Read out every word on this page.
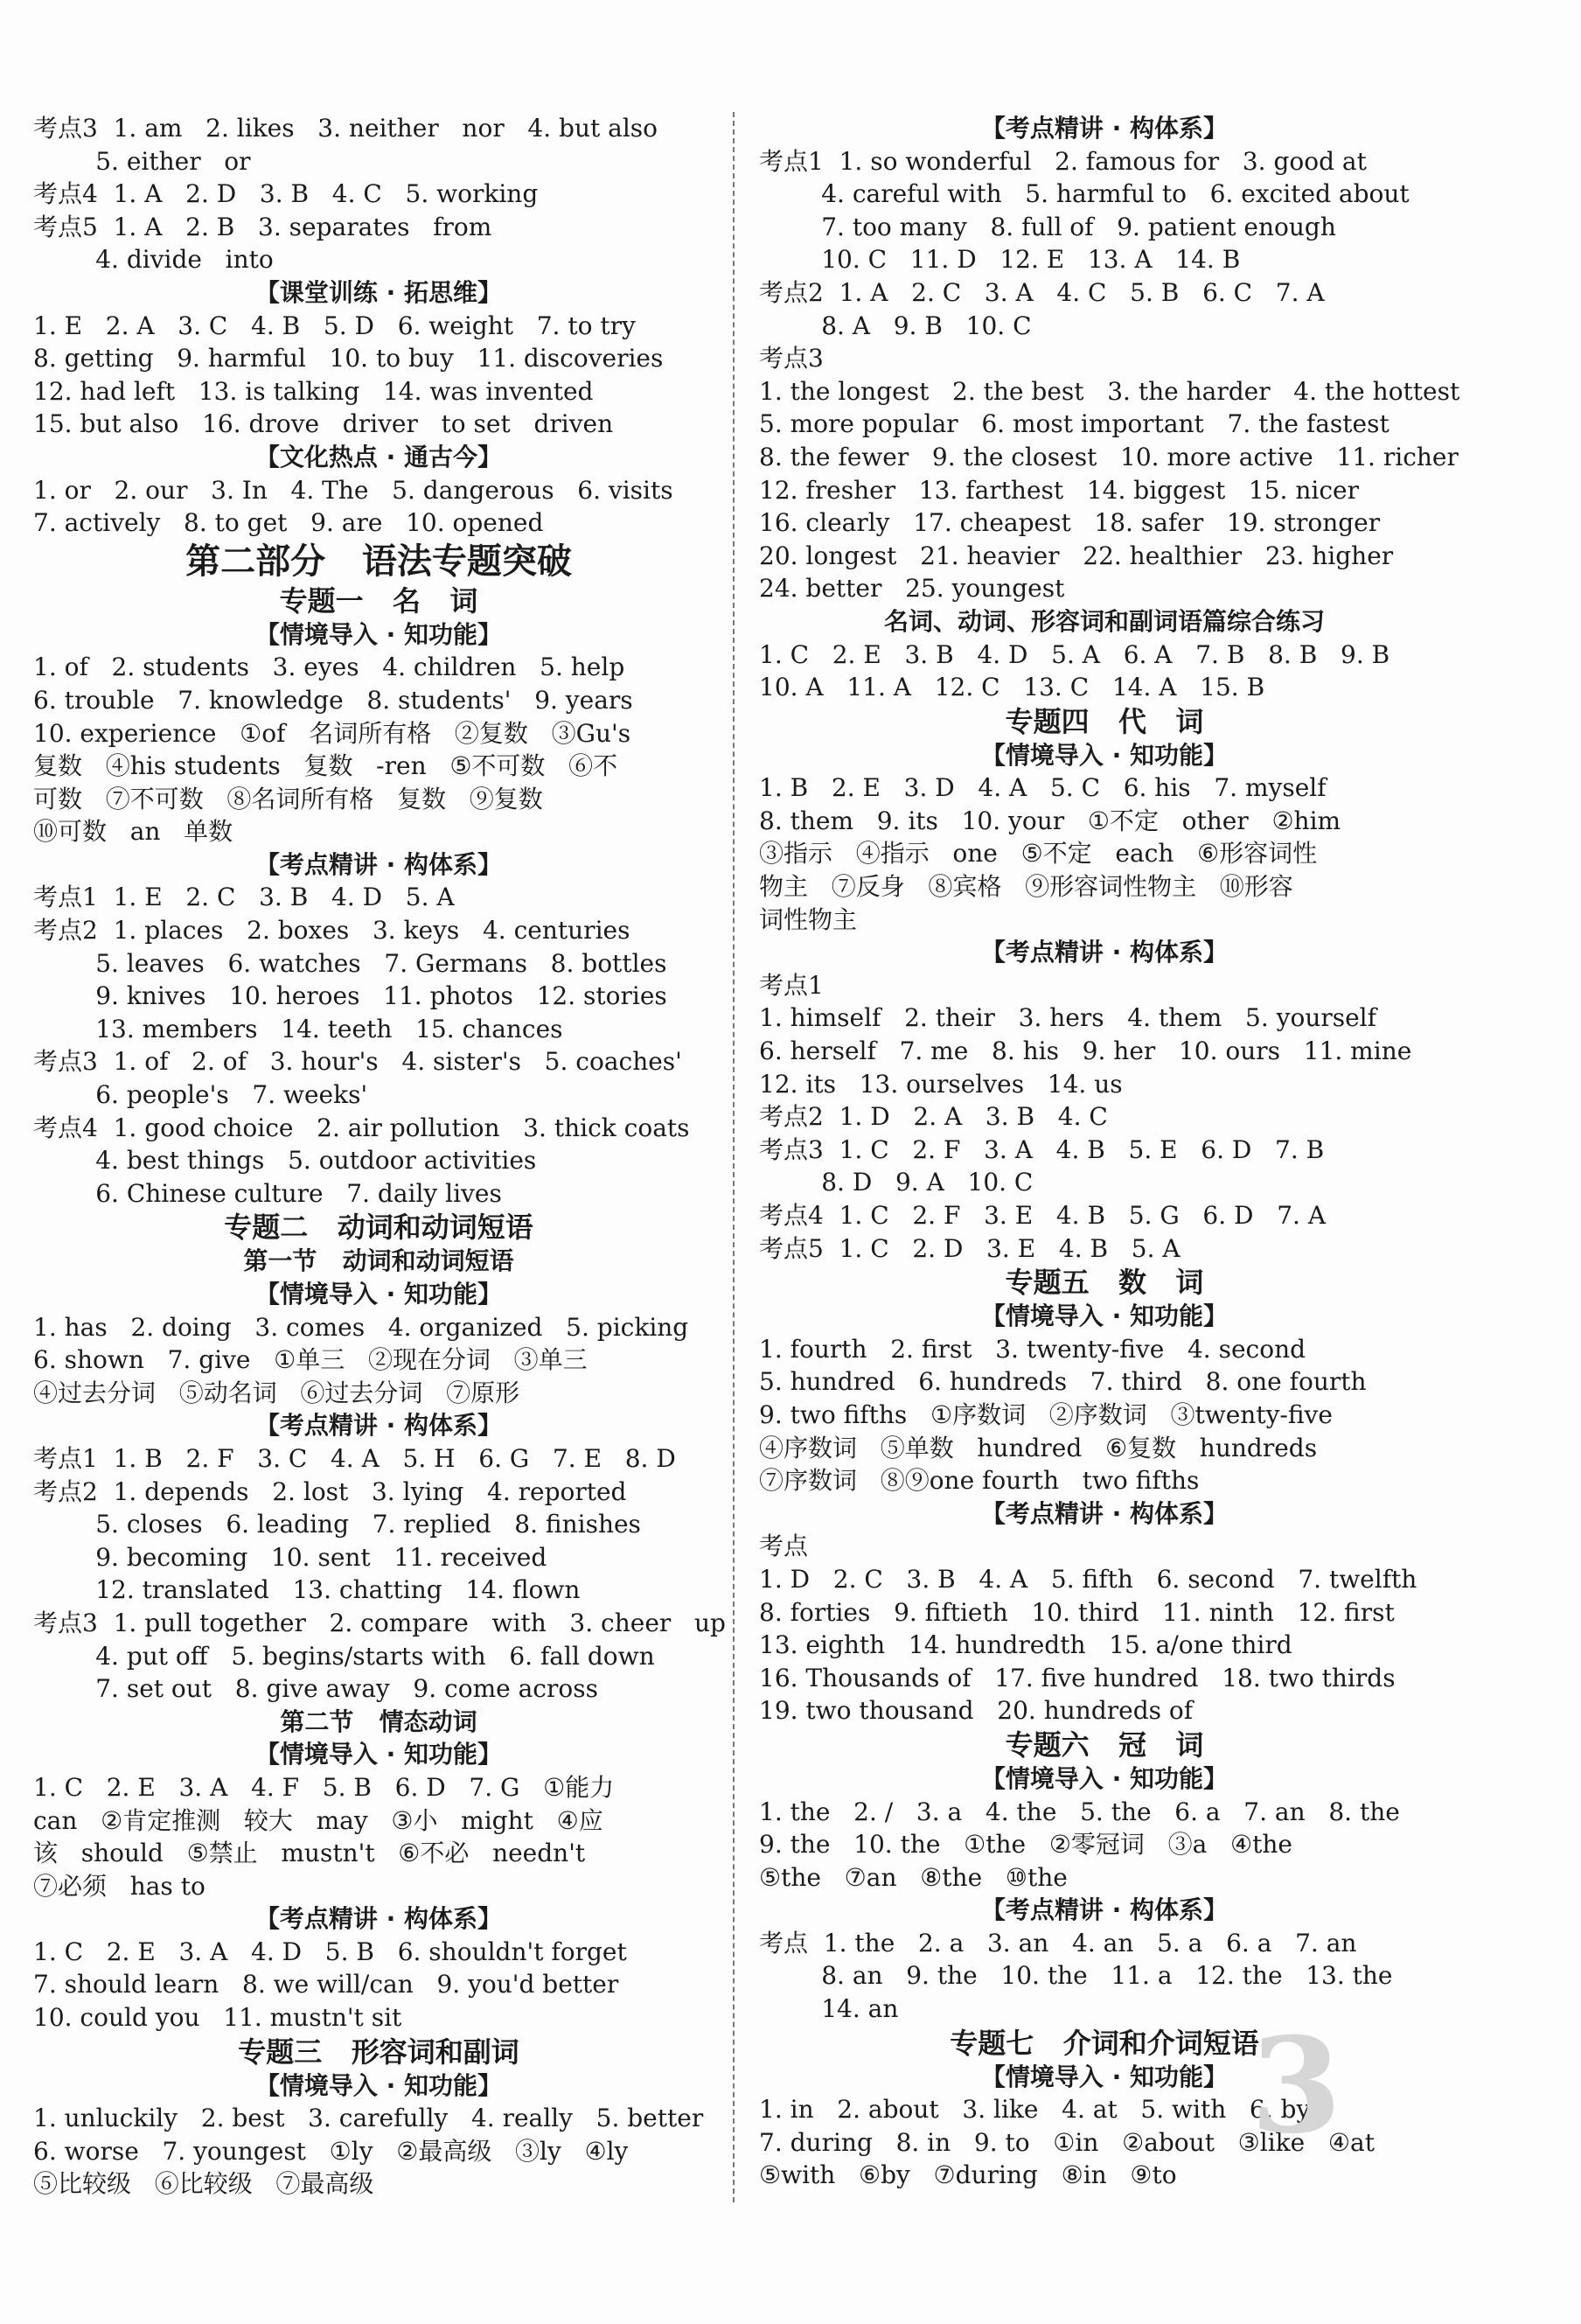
考点3  1. am   2. likes   3. neither   nor   4. but also
5. either   or
考点4  1. A   2. D   3. B   4. C   5. working
考点5  1. A   2. B   3. separates   from
4. divide   into
【课堂训练 · 拓思维】
1. E   2. A   3. C   4. B   5. D   6. weight   7. to try
8. getting   9. harmful   10. to buy   11. discoveries
12. had left   13. is talking   14. was invented
15. but also   16. drove   driver   to set   driven
【文化热点 · 通古今】
1. or   2. our   3. In   4. The   5. dangerous   6. visits
7. actively   8. to get   9. are   10. opened
第二部分   语法专题突破
专题一   名   词
【情境导入 · 知功能】
1. of   2. students   3. eyes   4. children   5. help
6. trouble   7. knowledge   8. students'   9. years
10. experience   ①of   名词所有格   ②复数   ③Gu's
复数   ④his students   复数   -ren   ⑤不可数   ⑥不
可数   ⑦不可数   ⑧名词所有格   复数   ⑨复数
⑩可数   an   单数
【考点精讲 · 构体系】
考点1  1. E   2. C   3. B   4. D   5. A
考点2  1. places   2. boxes   3. keys   4. centuries
5. leaves   6. watches   7. Germans   8. bottles
9. knives   10. heroes   11. photos   12. stories
13. members   14. teeth   15. chances
考点3  1. of   2. of   3. hour's   4. sister's   5. coaches'
6. people's   7. weeks'
考点4  1. good choice   2. air pollution   3. thick coats
4. best things   5. outdoor activities
6. Chinese culture   7. daily lives
专题二   动词和动词短语
第一节   动词和动词短语
【情境导入 · 知功能】
1. has   2. doing   3. comes   4. organized   5. picking
6. shown   7. give   ①单三   ②现在分词   ③单三
④过去分词   ⑤动名词   ⑥过去分词   ⑦原形
【考点精讲 · 构体系】
考点1  1. B   2. F   3. C   4. A   5. H   6. G   7. E   8. D
考点2  1. depends   2. lost   3. lying   4. reported
5. closes   6. leading   7. replied   8. finishes
9. becoming   10. sent   11. received
12. translated   13. chatting   14. flown
考点3  1. pull together   2. compare   with   3. cheer   up
4. put off   5. begins/starts with   6. fall down
7. set out   8. give away   9. come across
第二节   情态动词
【情境导入 · 知功能】
1. C   2. E   3. A   4. F   5. B   6. D   7. G   ①能力
can   ②肯定推测   较大   may   ③小   might   ④应
该   should   ⑤禁止   mustn't   ⑥不必   needn't
⑦必须   has to
【考点精讲 · 构体系】
1. C   2. E   3. A   4. D   5. B   6. shouldn't forget
7. should learn   8. we will/can   9. you'd better
10. could you   11. mustn't sit
专题三   形容词和副词
【情境导入 · 知功能】
1. unluckily   2. best   3. carefully   4. really   5. better
6. worse   7. youngest   ①ly   ②最高级   ③ly   ④ly
⑤比较级   ⑥比较级   ⑦最高级
【考点精讲 · 构体系】
考点1  1. so wonderful   2. famous for   3. good at
4. careful with   5. harmful to   6. excited about
7. too many   8. full of   9. patient enough
10. C   11. D   12. E   13. A   14. B
考点2  1. A   2. C   3. A   4. C   5. B   6. C   7. A
8. A   9. B   10. C
考点3
1. the longest   2. the best   3. the harder   4. the hottest
5. more popular   6. most important   7. the fastest
8. the fewer   9. the closest   10. more active   11. richer
12. fresher   13. farthest   14. biggest   15. nicer
16. clearly   17. cheapest   18. safer   19. stronger
20. longest   21. heavier   22. healthier   23. higher
24. better   25. youngest
名词、动词、形容词和副词语篇综合练习
1. C   2. E   3. B   4. D   5. A   6. A   7. B   8. B   9. B
10. A   11. A   12. C   13. C   14. A   15. B
专题四   代   词
【情境导入 · 知功能】
1. B   2. E   3. D   4. A   5. C   6. his   7. myself
8. them   9. its   10. your   ①不定   other   ②him
③指示   ④指示   one   ⑤不定   each   ⑥形容词性
物主   ⑦反身   ⑧宾格   ⑨形容词性物主   ⑩形容
词性物主
【考点精讲 · 构体系】
考点1
1. himself   2. their   3. hers   4. them   5. yourself
6. herself   7. me   8. his   9. her   10. ours   11. mine
12. its   13. ourselves   14. us
考点2  1. D   2. A   3. B   4. C
考点3  1. C   2. F   3. A   4. B   5. E   6. D   7. B
8. D   9. A   10. C
考点4  1. C   2. F   3. E   4. B   5. G   6. D   7. A
考点5  1. C   2. D   3. E   4. B   5. A
专题五   数   词
【情境导入 · 知功能】
1. fourth   2. first   3. twenty-five   4. second
5. hundred   6. hundreds   7. third   8. one fourth
9. two fifths   ①序数词   ②序数词   ③twenty-five
④序数词   ⑤单数   hundred   ⑥复数   hundreds
⑦序数词   ⑧⑨one fourth   two fifths
【考点精讲 · 构体系】
考点
1. D   2. C   3. B   4. A   5. fifth   6. second   7. twelfth
8. forties   9. fiftieth   10. third   11. ninth   12. first
13. eighth   14. hundredth   15. a/one third
16. Thousands of   17. five hundred   18. two thirds
19. two thousand   20. hundreds of
专题六   冠   词
【情境导入 · 知功能】
1. the   2. /   3. a   4. the   5. the   6. a   7. an   8. the
9. the   10. the   ①the   ②零冠词   ③a   ④the
⑤the   ⑦an   ⑧the   ⑩the
【考点精讲 · 构体系】
考点  1. the   2. a   3. an   4. an   5. a   6. a   7. an
8. an   9. the   10. the   11. a   12. the   13. the
14. an
专题七   介词和介词短语
【情境导入 · 知功能】
1. in   2. about   3. like   4. at   5. with   6. by
7. during   8. in   9. to   ①in   ②about   ③like   ④at
⑤with   ⑥by   ⑦during   ⑧in   ⑨to
3
